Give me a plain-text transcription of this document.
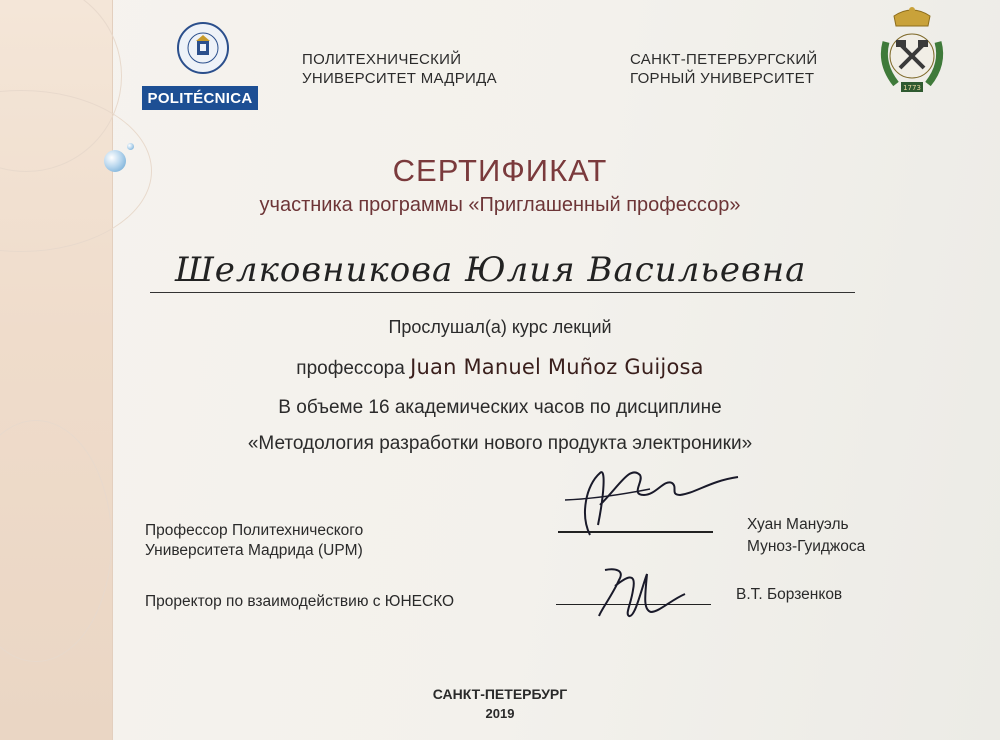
POLITÉCNICA
ПОЛИТЕХНИЧЕСКИЙ
УНИВЕРСИТЕТ МАДРИДА
САНКТ-ПЕТЕРБУРГСКИЙ
ГОРНЫЙ УНИВЕРСИТЕТ
1773
СЕРТИФИКАТ
участника программы «Приглашенный профессор»
Шелковникова Юлия Васильевна
Прослушал(а) курс лекций
профессора Juan Manuel Muñoz Guijosa
В объеме 16 академических часов по дисциплине
«Методология разработки нового продукта электроники»
Профессор Политехнического
Университета Мадрида (UPM)
Хуан Мануэль
Муноз-Гуиджоса
Проректор по взаимодействию с ЮНЕСКО	В.Т. Борзенков
САНКТ-ПЕТЕРБУРГ
2019
